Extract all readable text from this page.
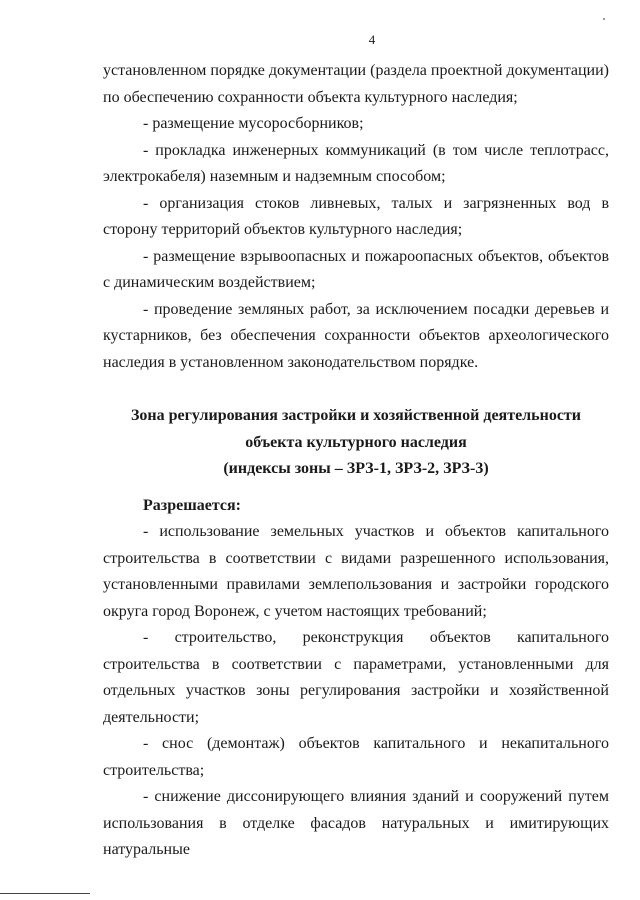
4

установленном порядке документации (раздела проектной документации) по обеспечению сохранности объекта культурного наследия;

- размещение мусоросборников;

- прокладка инженерных коммуникаций (в том числе теплотрасс, электрокабеля) наземным и надземным способом;

- организация стоков ливневых, талых и загрязненных вод в сторону территорий объектов культурного наследия;

- размещение взрывоопасных и пожароопасных объектов, объектов с динамическим воздействием;

- проведение земляных работ, за исключением посадки деревьев и кустарников, без обеспечения сохранности объектов археологического наследия в установленном законодательством порядке.

Зона регулирования застройки и хозяйственной деятельности
объекта культурного наследия
(индексы зоны – ЗРЗ-1, ЗРЗ-2, ЗРЗ-3)

Разрешается:

- использование земельных участков и объектов капитального строительства в соответствии с видами разрешенного использования, установленными правилами землепользования и застройки городского округа город Воронеж, с учетом настоящих требований;

- строительство, реконструкция объектов капитального строительства в соответствии с параметрами, установленными для отдельных участков зоны регулирования застройки и хозяйственной деятельности;

- снос (демонтаж) объектов капитального и некапитального строительства;

- снижение диссонирующего влияния зданий и сооружений путем использования в отделке фасадов натуральных и имитирующих натуральные
